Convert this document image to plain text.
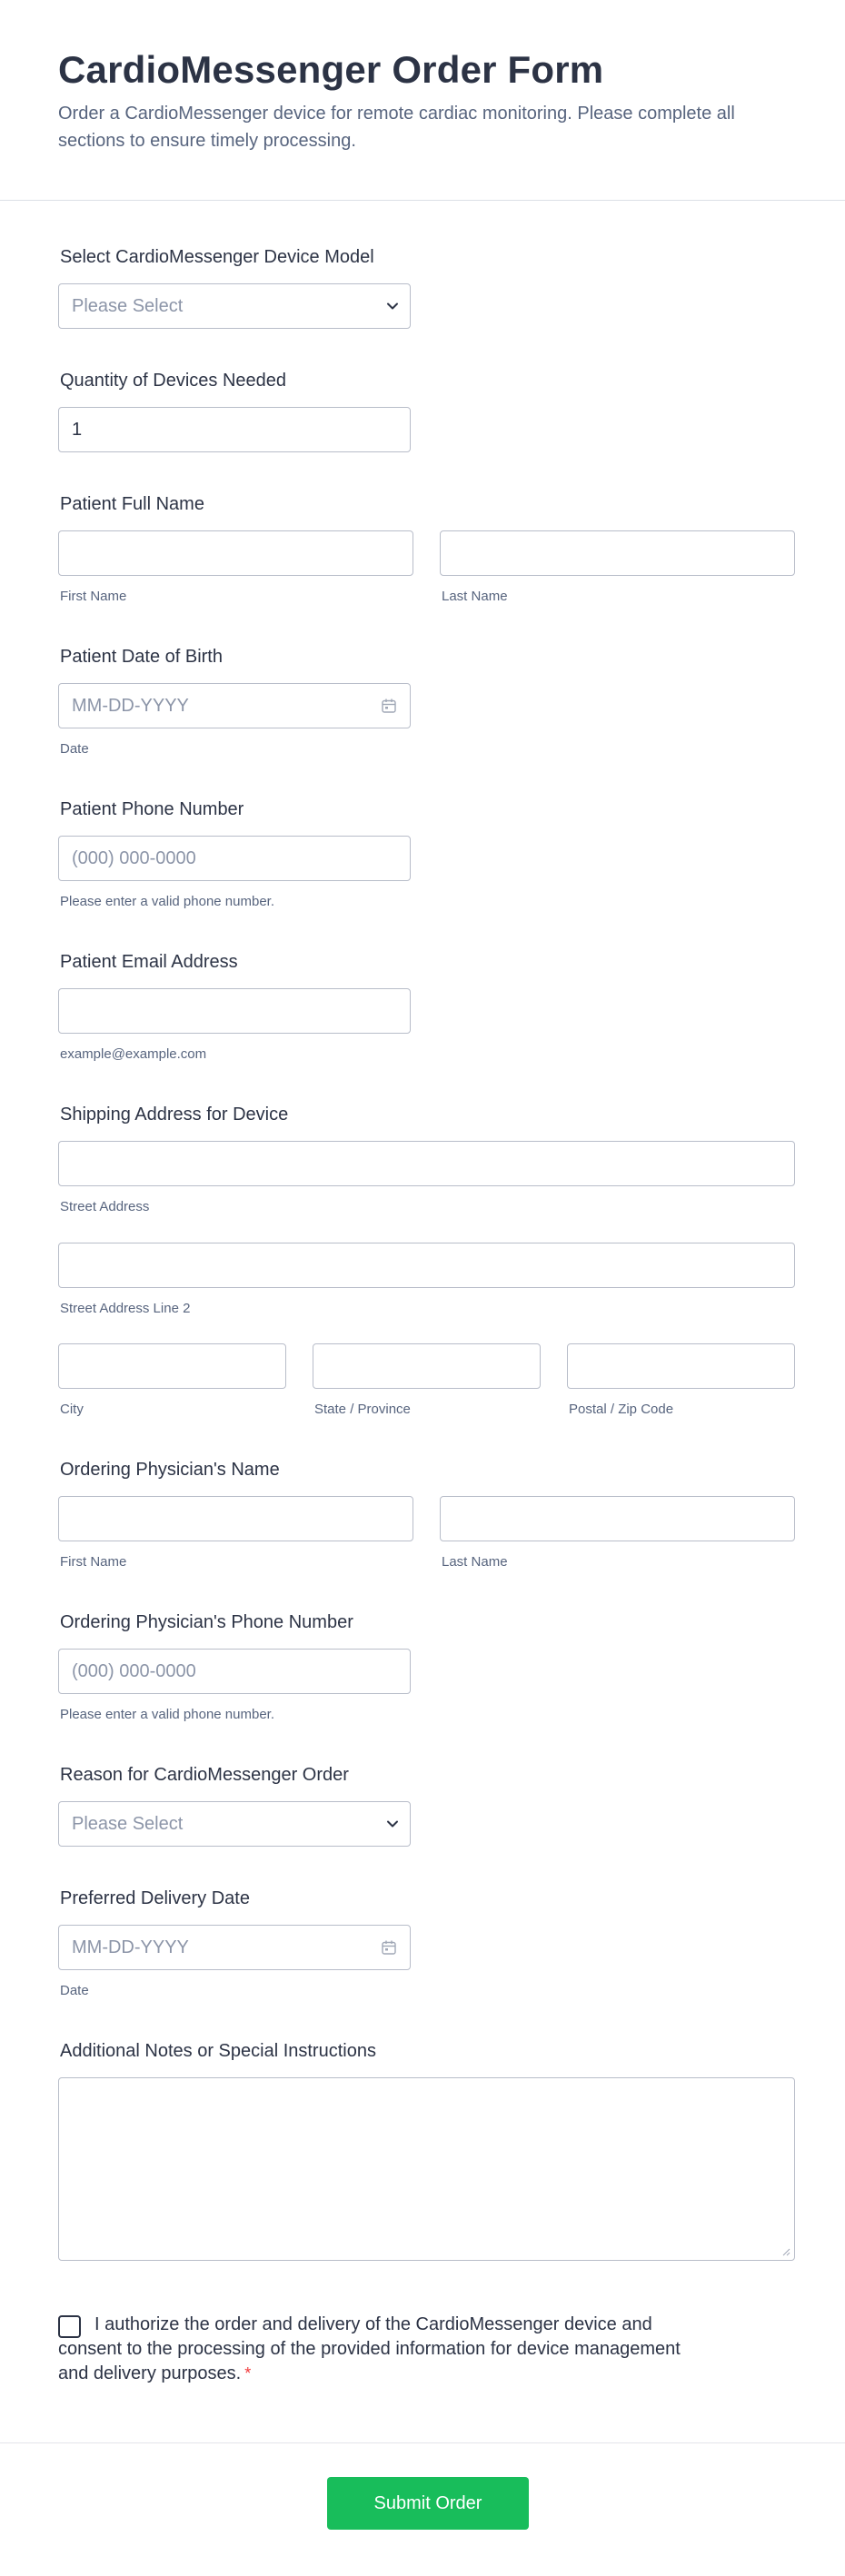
CardioMessenger Order Form

Order a CardioMessenger device for remote cardiac monitoring. Please complete all sections to ensure timely processing.

Select CardioMessenger Device Model
Please Select
Quantity of Devices Needed
1
Patient Full Name
First Name	Last Name
Patient Date of Birth
MM-DD-YYYY
Date
Patient Phone Number
(000) 000-0000
Please enter a valid phone number.
Patient Email Address
example@example.com
Shipping Address for Device
Street Address
Street Address Line 2
City	State / Province	Postal / Zip Code
Ordering Physician's Name
First Name	Last Name
Ordering Physician's Phone Number
(000) 000-0000
Please enter a valid phone number.
Reason for CardioMessenger Order
Please Select
Preferred Delivery Date
MM-DD-YYYY
Date
Additional Notes or Special Instructions
I authorize the order and delivery of the CardioMessenger device and consent to the processing of the provided information for device management and delivery purposes. *
Submit Order
